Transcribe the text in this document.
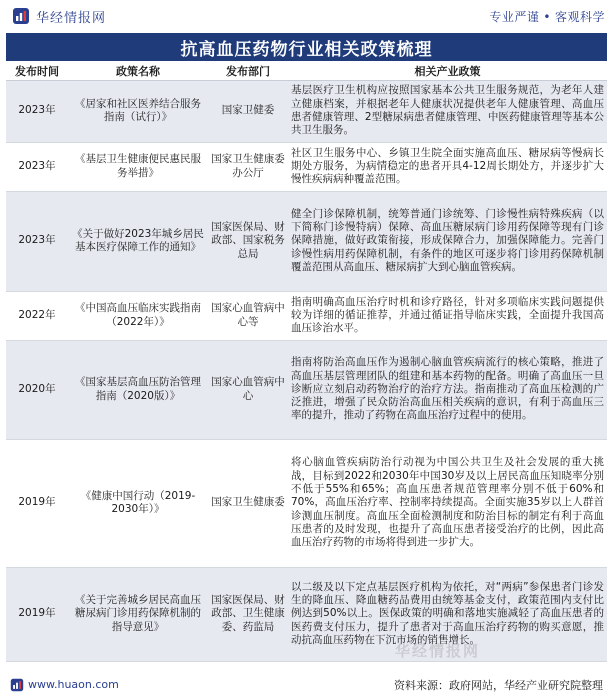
华经情报网	专业严谨 • 客观科学
抗高血压药物行业相关政策梳理
发布时间	政策名称	发布部门	相关产业政策
2023年	《居家和社区医养结合服务指南（试行）》	国家卫健委	基层医疗卫生机构应按照国家基本公共卫生服务规范，为老年人建立健康档案，并根据老年人健康状况提供老年人健康管理、高血压患者健康管理、2型糖尿病患者健康管理、中医药健康管理等基本公共卫生服务。
2023年	《基层卫生健康便民惠民服务举措》	国家卫生健康委办公厅	社区卫生服务中心、乡镇卫生院全面实施高血压、糖尿病等慢病长期处方服务，为病情稳定的患者开具4-12周长期处方，并逐步扩大慢性疾病病种覆盖范围。
2023年	《关于做好2023年城乡居民基本医疗保障工作的通知》	国家医保局、财政部、国家税务总局	健全门诊保障机制，统筹普通门诊统筹、门诊慢性病特殊疾病（以下简称门诊慢特病）保障、高血压糖尿病门诊用药保障等现有门诊保障措施，做好政策衔接，形成保障合力，加强保障能力。完善门诊慢性病用药保障机制，有条件的地区可逐步将门诊用药保障机制覆盖范围从高血压、糖尿病扩大到心脑血管疾病。
2022年	《中国高血压临床实践指南（2022年）》	国家心血管病中心等	指南明确高血压治疗时机和诊疗路径，针对多项临床实践问题提供较为详细的循证推荐，并通过循证指导临床实践，全面提升我国高血压诊治水平。
2020年	《国家基层高血压防治管理指南（2020版）》	国家心血管病中心	指南将防治高血压作为遏制心脑血管疾病流行的核心策略，推进了高血压基层管理团队的组建和基本药物的配备。明确了高血压一旦诊断应立刻启动药物治疗的治疗方法。指南推动了高血压检测的广泛推进，增强了民众防治高血压相关疾病的意识，有利于高血压三率的提升，推动了药物在高血压治疗过程中的使用。
2019年	《健康中国行动（2019-2030年）》	国家卫生健康委	将心脑血管疾病防治行动视为中国公共卫生及社会发展的重大挑战，目标到2022和2030年中国30岁及以上居民高血压知晓率分别不低于55%和65%；高血压患者规范管理率分别不低于60%和70%，高血压治疗率、控制率持续提高。全面实施35岁以上人群首诊测血压制度。高血压全面检测制度和防治目标的制定有利于高血压患者的及时发现，也提升了高血压患者接受治疗的比例，因此高血压治疗药物的市场将得到进一步扩大。
2019年	《关于完善城乡居民高血压糖尿病门诊用药保障机制的指导意见》	国家医保局、财政部、卫生健康委、药监局	以二级及以下定点基层医疗机构为依托，对“两病”参保患者门诊发生的降血压、降血糖药品费用由统筹基金支付，政策范围内支付比例达到50%以上。医保政策的明确和落地实施减轻了高血压患者的医药费支付压力，提升了患者对于高血压治疗药物的购买意愿，推动抗高血压药物在下沉市场的销售增长。
华经情报网
www.huaon.com	资料来源：政府网站，华经产业研究院整理
